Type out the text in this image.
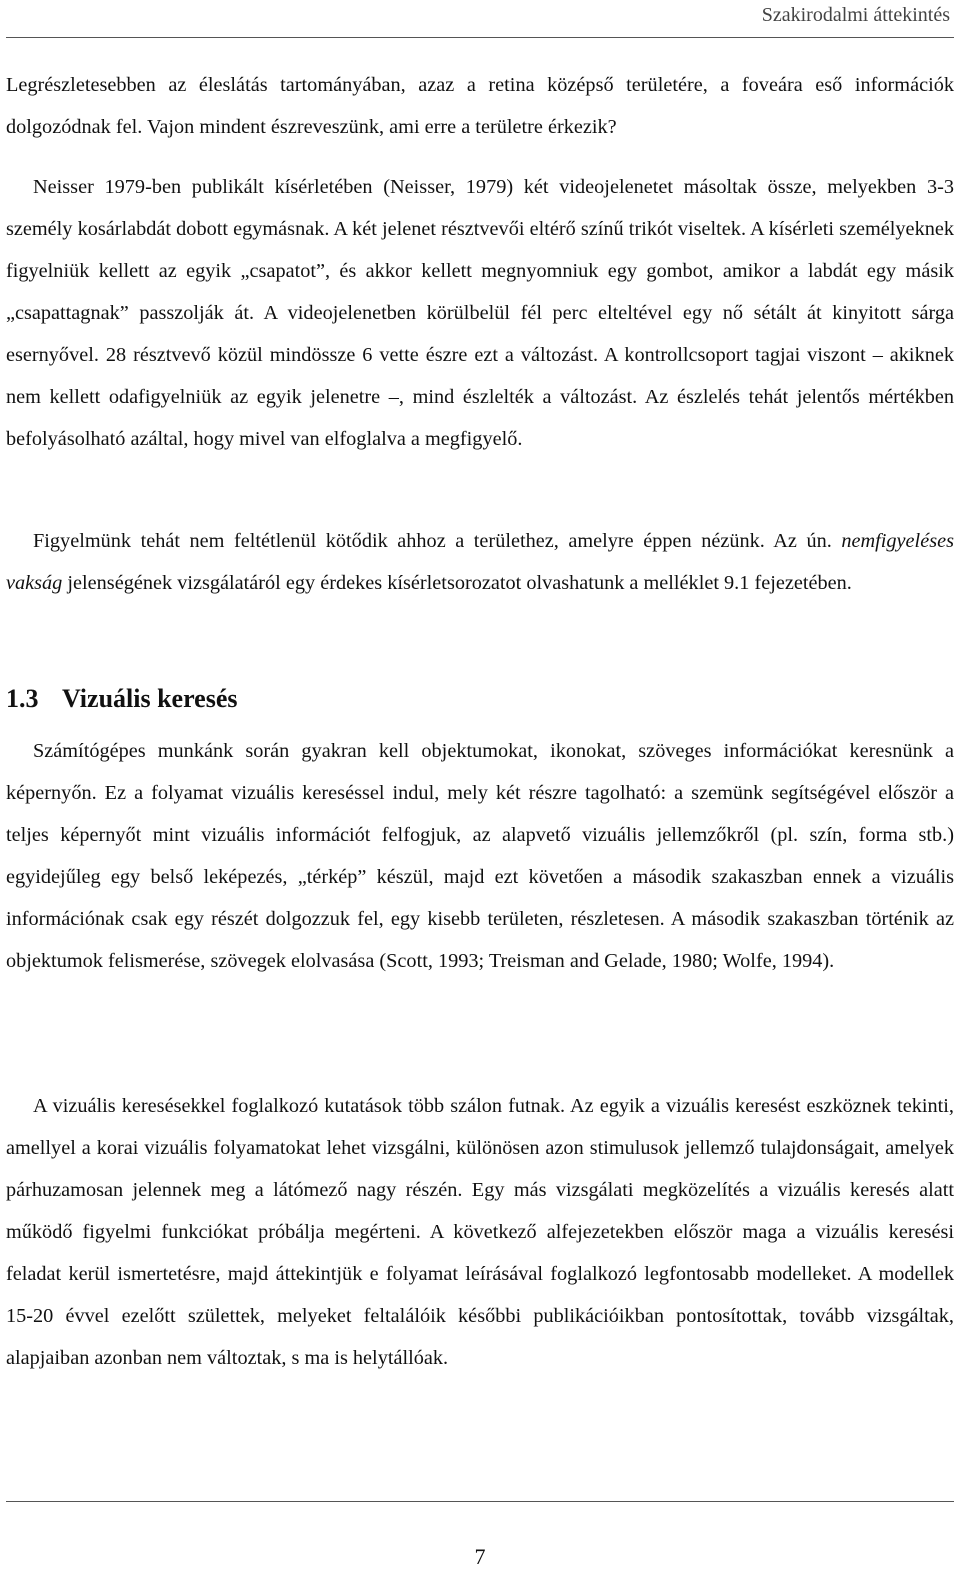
Szakirodalmi áttekintés

Legrészletesebben az éleslátás tartományában, azaz a retina középső területére, a foveára eső információk dolgozódnak fel. Vajon mindent észreveszünk, ami erre a területre érkezik?

Neisser 1979-ben publikált kísérletében (Neisser, 1979) két videojelenetet másoltak össze, melyekben 3-3 személy kosárlabdát dobott egymásnak. A két jelenet résztvevői eltérő színű trikót viseltek. A kísérleti személyeknek figyelniük kellett az egyik „csapatot”, és akkor kellett megnyomniuk egy gombot, amikor a labdát egy másik „csapattagnak” passzolják át. A videojelenetben körülbelül fél perc elteltével egy nő sétált át kinyitott sárga esernyővel. 28 résztvevő közül mindössze 6 vette észre ezt a változást. A kontrollcsoport tagjai viszont – akiknek nem kellett odafigyelniük az egyik jelenetre –, mind észlelték a változást. Az észlelés tehát jelentős mértékben befolyásolható azáltal, hogy mivel van elfoglalva a megfigyelő.

Figyelmünk tehát nem feltétlenül kötődik ahhoz a területhez, amelyre éppen nézünk. Az ún. nemfigyeléses vakság jelenségének vizsgálatáról egy érdekes kísérletsorozatot olvashatunk a melléklet 9.1 fejezetében.

1.3 Vizuális keresés

Számítógépes munkánk során gyakran kell objektumokat, ikonokat, szöveges információkat keresnünk a képernyőn. Ez a folyamat vizuális kereséssel indul, mely két részre tagolható: a szemünk segítségével először a teljes képernyőt mint vizuális információt felfogjuk, az alapvető vizuális jellemzőkről (pl. szín, forma stb.) egyidejűleg egy belső leképezés, „térkép” készül, majd ezt követően a második szakaszban ennek a vizuális információnak csak egy részét dolgozzuk fel, egy kisebb területen, részletesen. A második szakaszban történik az objektumok felismerése, szövegek elolvasása (Scott, 1993; Treisman and Gelade, 1980; Wolfe, 1994).

A vizuális keresésekkel foglalkozó kutatások több szálon futnak. Az egyik a vizuális keresést eszköznek tekinti, amellyel a korai vizuális folyamatokat lehet vizsgálni, különösen azon stimulusok jellemző tulajdonságait, amelyek párhuzamosan jelennek meg a látómező nagy részén. Egy más vizsgálati megközelítés a vizuális keresés alatt működő figyelmi funkciókat próbálja megérteni. A következő alfejezetekben először maga a vizuális keresési feladat kerül ismertetésre, majd áttekintjük e folyamat leírásával foglalkozó legfontosabb modelleket. A modellek 15-20 évvel ezelőtt születtek, melyeket feltalálóik későbbi publikációikban pontosítottak, tovább vizsgáltak, alapjaiban azonban nem változtak, s ma is helytállóak.

7
